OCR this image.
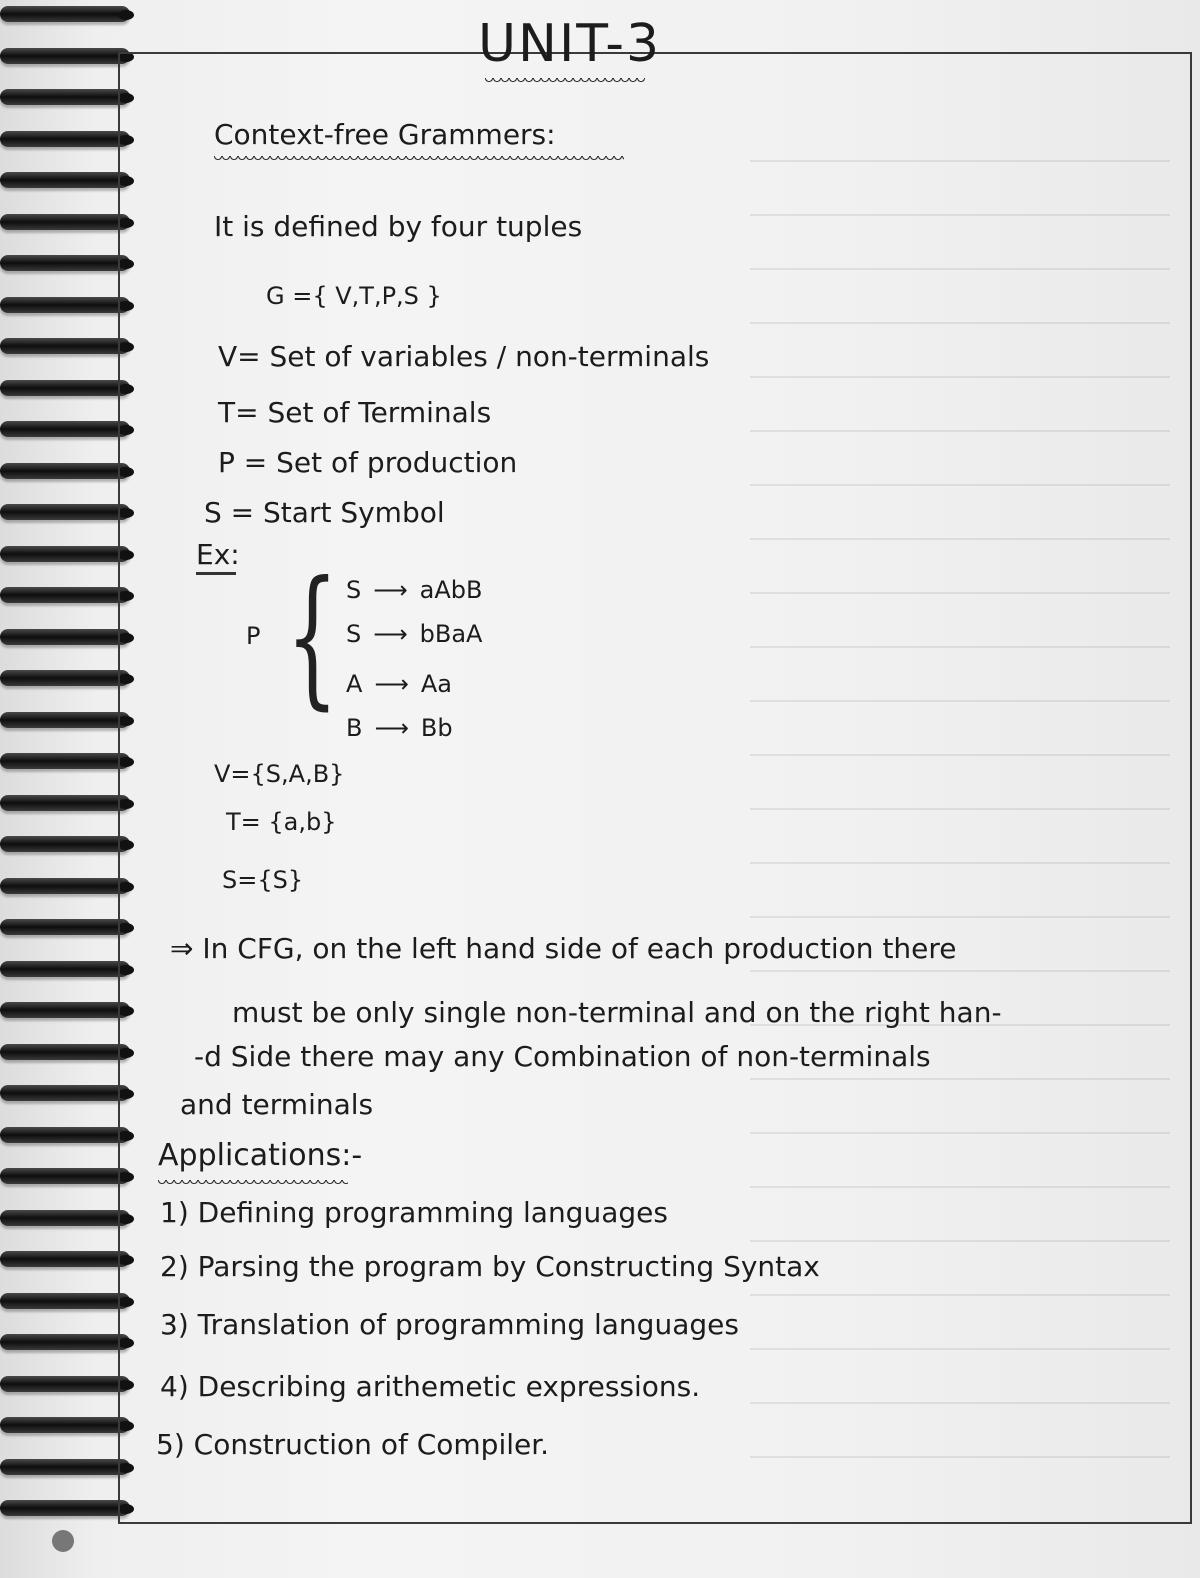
UNIT-3
Context-free Grammers:
It is defined by four tuples
G ={ V,T,P,S }
V= Set of variables / non-terminals
T= Set of Terminals
P = Set of production
S = Start Symbol
Ex:
P { S ⟶ aAbB
S ⟶ bBaA
A ⟶ Aa
B ⟶ Bb
V={S,A,B}
T= {a,b}
S={S}
⇒ In CFG, on the left hand side of each production there
must be only single non-terminal and on the right han-
-d Side there may any Combination of non-terminals
and terminals
Applications:-
1) Defining programming languages
2) Parsing the program by Constructing Syntax
3) Translation of programming languages
4) Describing arithemetic expressions.
5) Construction of Compiler.
